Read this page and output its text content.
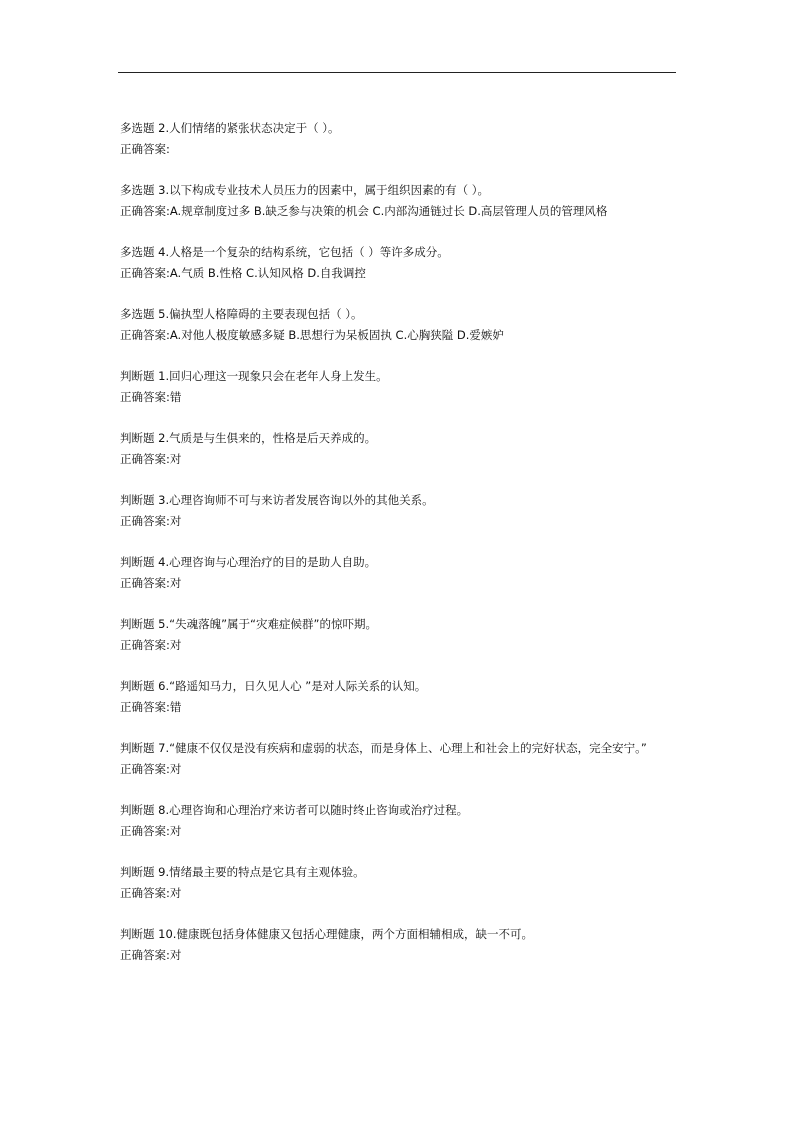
多选题 2.人们情绪的紧张状态决定于（ ）。
正确答案:
多选题 3.以下构成专业技术人员压力的因素中，属于组织因素的有（ ）。
正确答案:A.规章制度过多 B.缺乏参与决策的机会 C.内部沟通链过长 D.高层管理人员的管理风格
多选题 4.人格是一个复杂的结构系统，它包括（ ）等许多成分。
正确答案:A.气质 B.性格 C.认知风格 D.自我调控
多选题 5.偏执型人格障碍的主要表现包括（ ）。
正确答案:A.对他人极度敏感多疑 B.思想行为呆板固执 C.心胸狭隘 D.爱嫉妒
判断题 1.回归心理这一现象只会在老年人身上发生。
正确答案:错
判断题 2.气质是与生俱来的，性格是后天养成的。
正确答案:对
判断题 3.心理咨询师不可与来访者发展咨询以外的其他关系。
正确答案:对
判断题 4.心理咨询与心理治疗的目的是助人自助。
正确答案:对
判断题 5.“失魂落魄”属于“灾难症候群”的惊吓期。
正确答案:对
判断题 6.“路遥知马力，日久见人心 ”是对人际关系的认知。
正确答案:错
判断题 7.“健康不仅仅是没有疾病和虚弱的状态，而是身体上、心理上和社会上的完好状态，完全安宁。”
正确答案:对
判断题 8.心理咨询和心理治疗来访者可以随时终止咨询或治疗过程。
正确答案:对
判断题 9.情绪最主要的特点是它具有主观体验。
正确答案:对
判断题 10.健康既包括身体健康又包括心理健康，两个方面相辅相成，缺一不可。
正确答案:对
